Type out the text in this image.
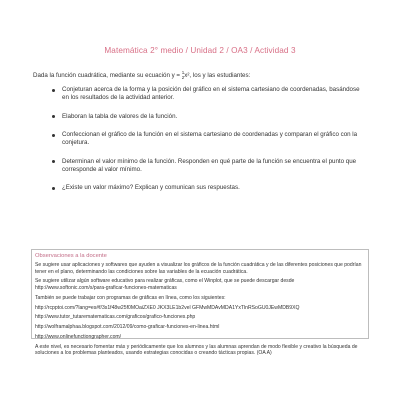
Matemática 2° medio / Unidad 2 / OA3 / Actividad 3
Dada la función cuadrática, mediante su ecuación y = 1
2 x², los y las estudiantes:
Conjeturan acerca de la forma y la posición del gráfico en el sistema cartesiano de coordenadas, basándose en los resultados de la actividad anterior.
Elaboran la tabla de valores de la función.
Confeccionan el gráfico de la función en el sistema cartesiano de coordenadas y comparan el gráfico con la conjetura.
Determinan el valor mínimo de la función. Responden en qué parte de la función se encuentra el punto que corresponde al valor mínimo.
¿Existe un valor máximo? Explican y comunican sus respuestas.
Observaciones a la docente

Se sugiere usar aplicaciones y softwares que ayuden a visualizar los gráficos de la función cuadrática y de las diferentes posiciones que podrían tener en el plano, determinando las condiciones sobre las variables de la ecuación cuadrática.

Se sugiere utilizar algún software educativo para realizar gráficas, como el Winplot, que se puede descargar desde http://www.softonic.com/s/para-graficar-funciones-matematicas

También se puede trabajar con programas de gráficas en línea, como los siguientes:

http://rcpptoi.com/?lang=es#f/3s1f48w25f0MOaiZXE0 JKX3LE1b2vel GFMwMDAvMDA1YxTlnRSoGU0JEwMDB9XQ
http://www.tutor_tutarematematicas.com/graficos/grafico-funciones.php
http://wolframalphaa.blogspot.com/2012/09/como-graficar-funciones-en-linea.html
http://www.onlinefunctiongrapher.com/

A este nivel, es necesario fomentar más y periódicamente que los alumnos y las alumnas aprendan de modo flexible y creativo la búsqueda de soluciones a los problemas planteados, usando estrategias conocidas o creando tácticas propias. (OA A)
